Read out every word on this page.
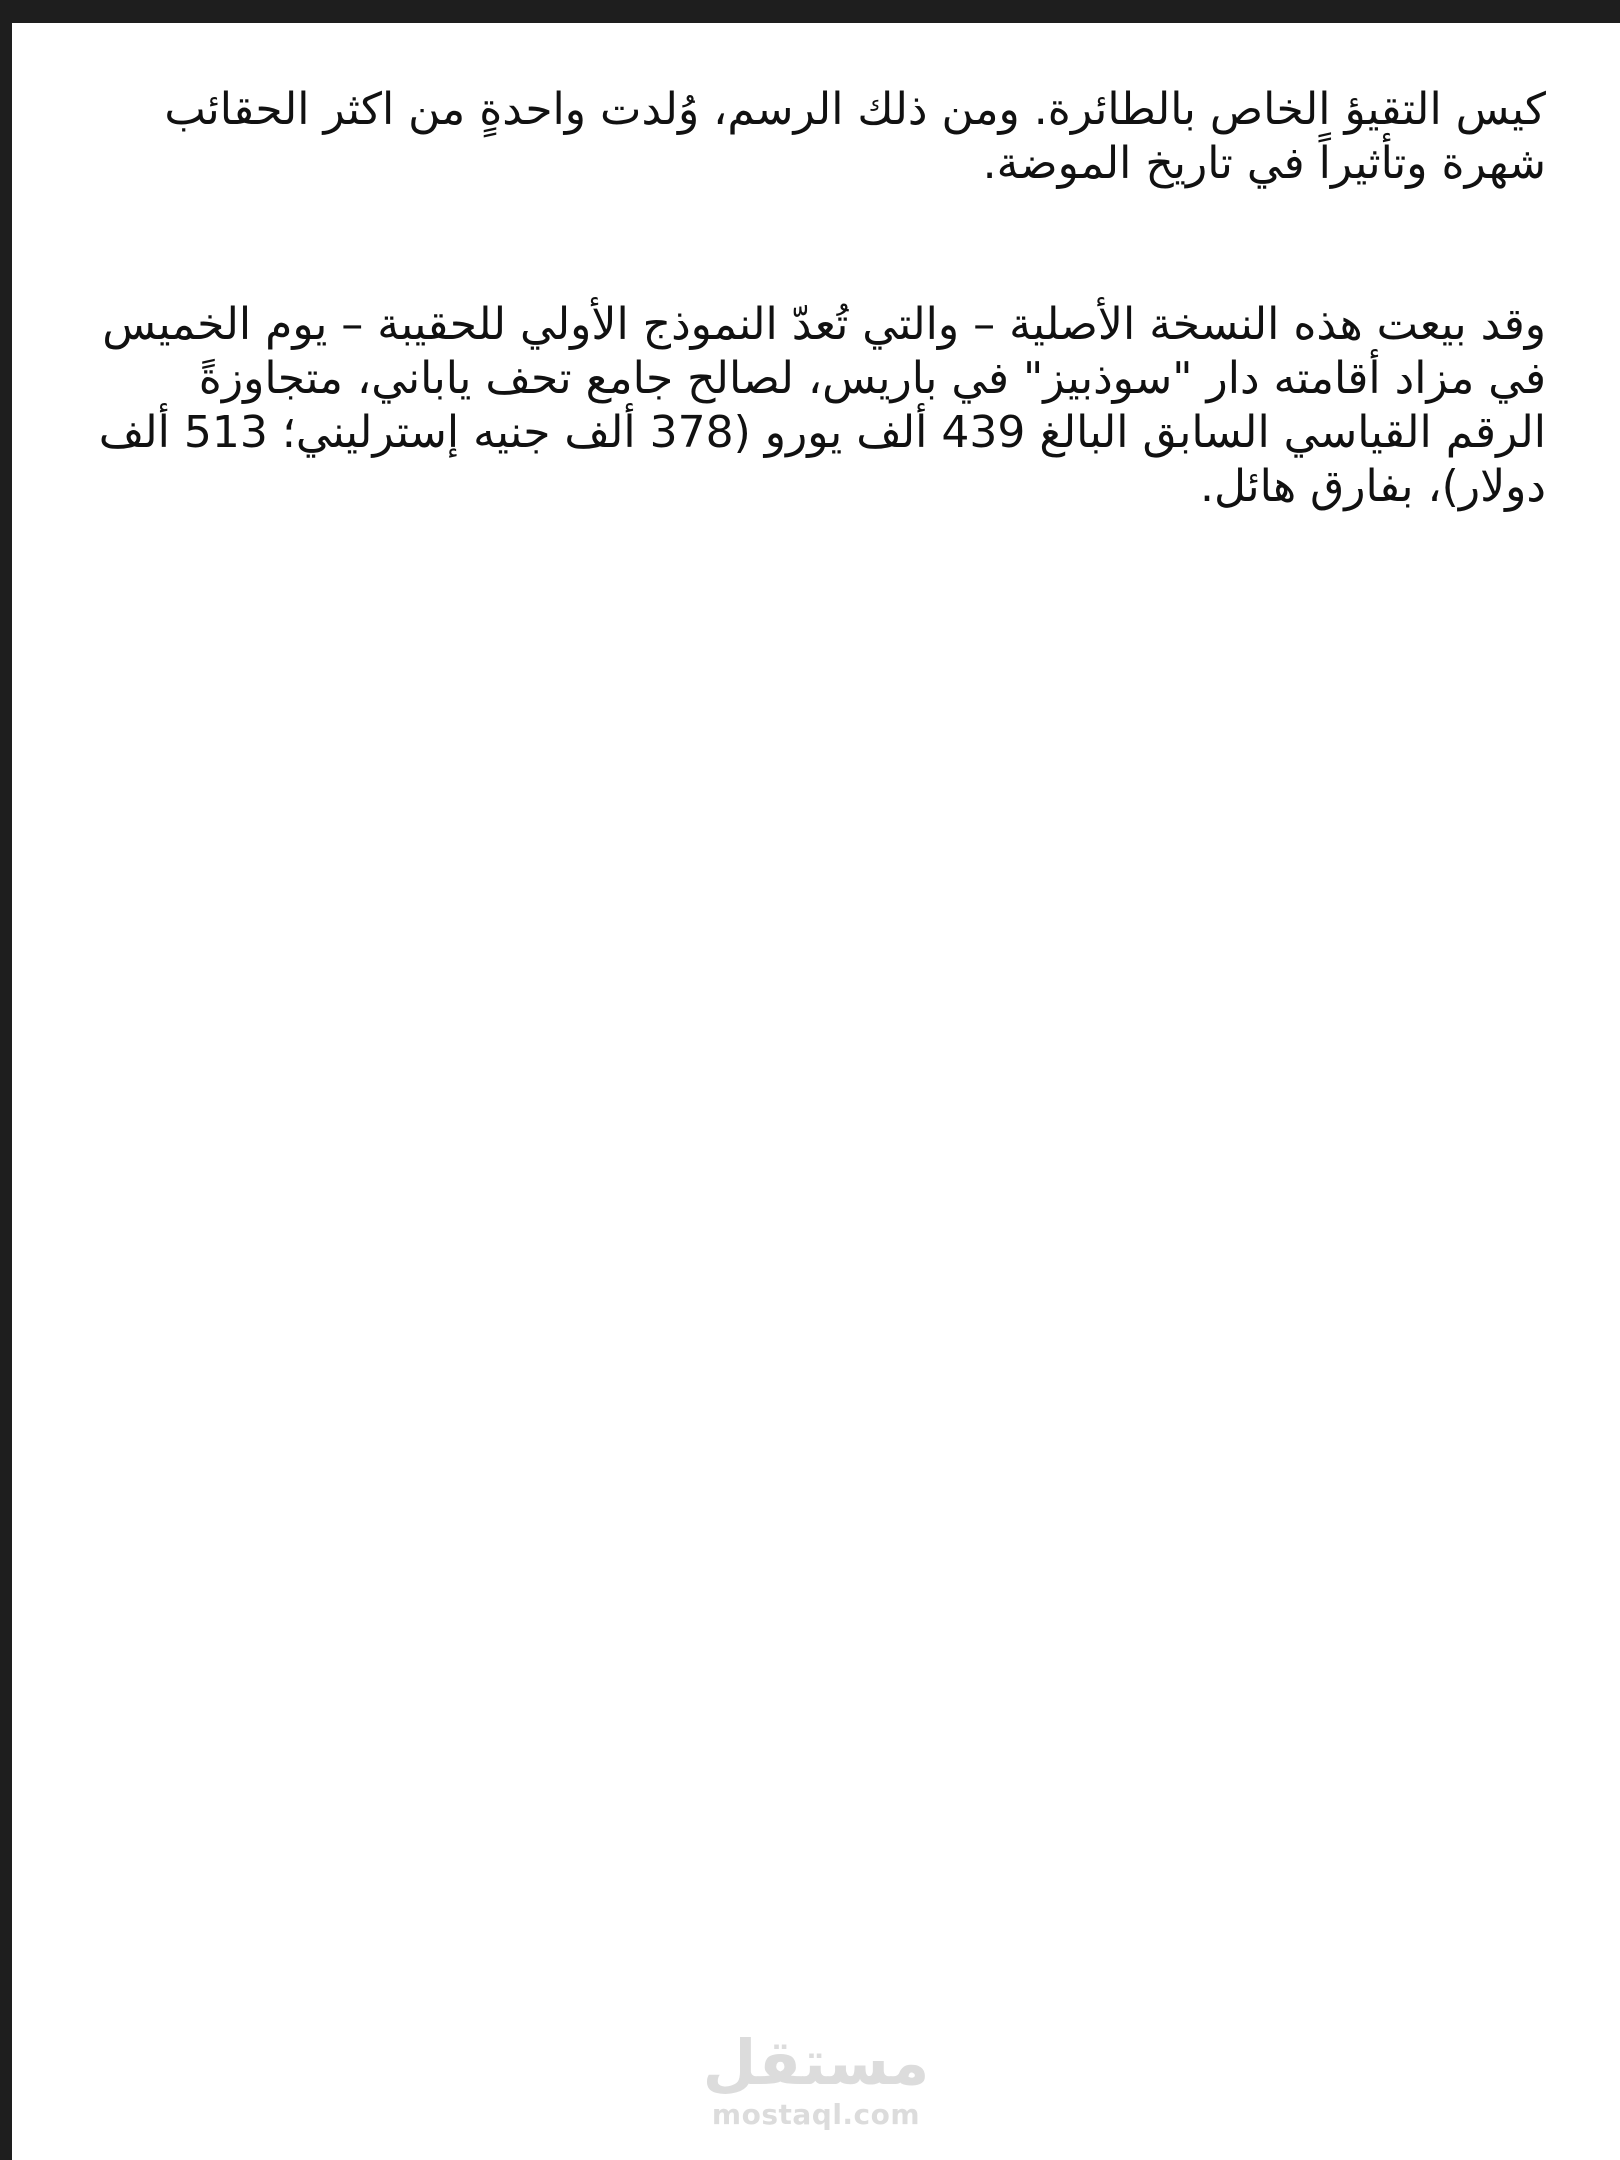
كيس التقيؤ الخاص بالطائرة. ومن ذلك الرسم، وُلدت واحدةٍ من اكثر الحقائب شهرة وتأثيراً في تاريخ الموضة.

وقد بيعت هذه النسخة الأصلية – والتي تُعدّ النموذج الأولي للحقيبة – يوم الخميس في مزاد أقامته دار "سوذبيز" في باريس، لصالح جامع تحف ياباني، متجاوزةً الرقم القياسي السابق البالغ 439 ألف يورو (378 ألف جنيه إسترليني؛ 513 ألف دولار)، بفارق هائل.

مستقل
mostaql.com
